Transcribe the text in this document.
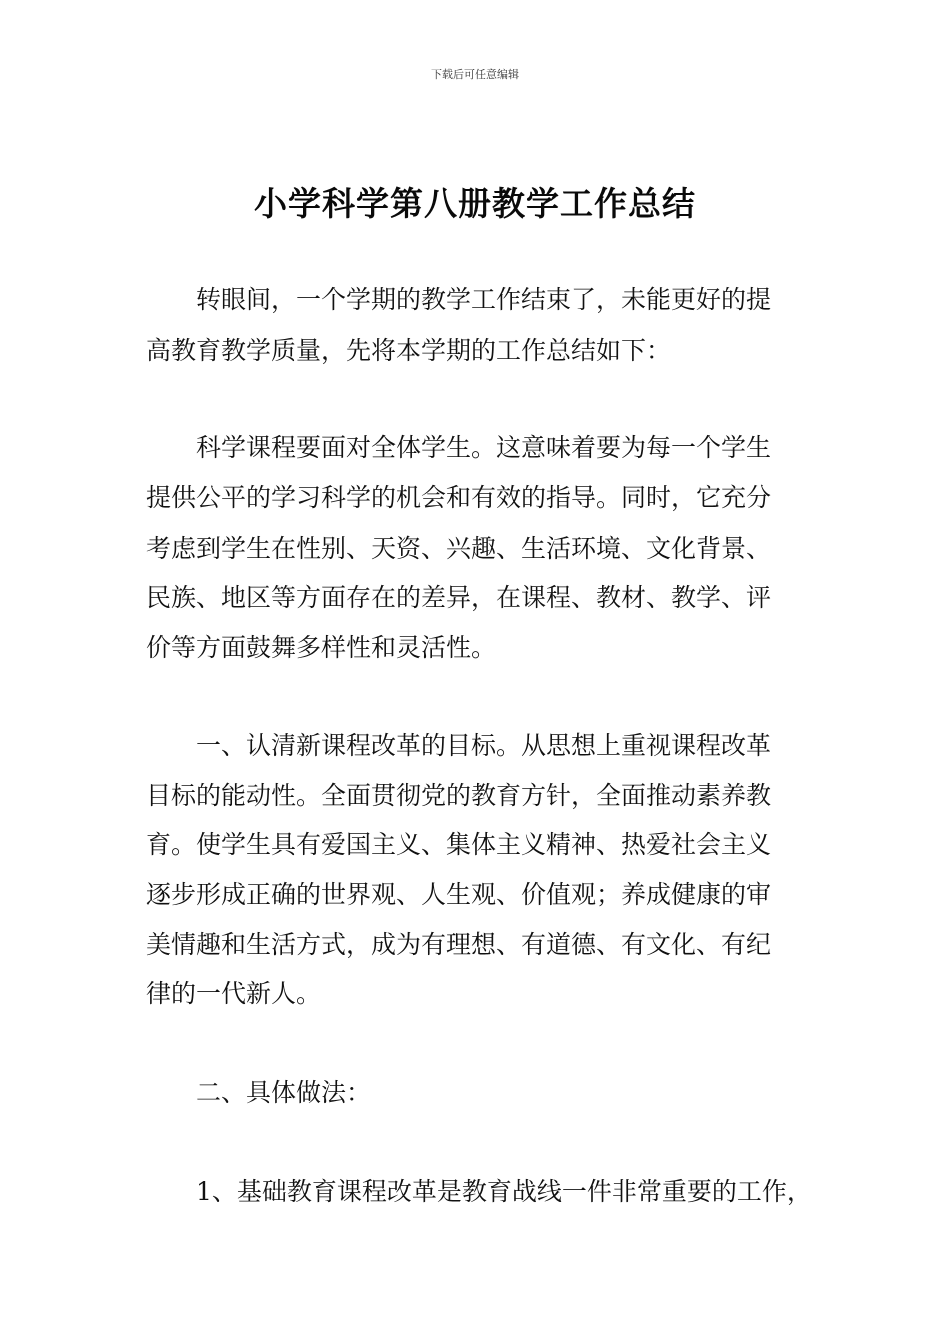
下载后可任意编辑
小学科学第八册教学工作总结
转眼间，一个学期的教学工作结束了，未能更好的提
高教育教学质量，先将本学期的工作总结如下：
科学课程要面对全体学生。这意味着要为每一个学生
提供公平的学习科学的机会和有效的指导。同时，它充分
考虑到学生在性别、天资、兴趣、生活环境、文化背景、
民族、地区等方面存在的差异，在课程、教材、教学、评
价等方面鼓舞多样性和灵活性。
一、认清新课程改革的目标。从思想上重视课程改革
目标的能动性。全面贯彻党的教育方针，全面推动素养教
育。使学生具有爱国主义、集体主义精神、热爱社会主义
逐步形成正确的世界观、人生观、价值观；养成健康的审
美情趣和生活方式，成为有理想、有道德、有文化、有纪
律的一代新人。
二、具体做法：
1、基础教育课程改革是教育战线一件非常重要的工作，
